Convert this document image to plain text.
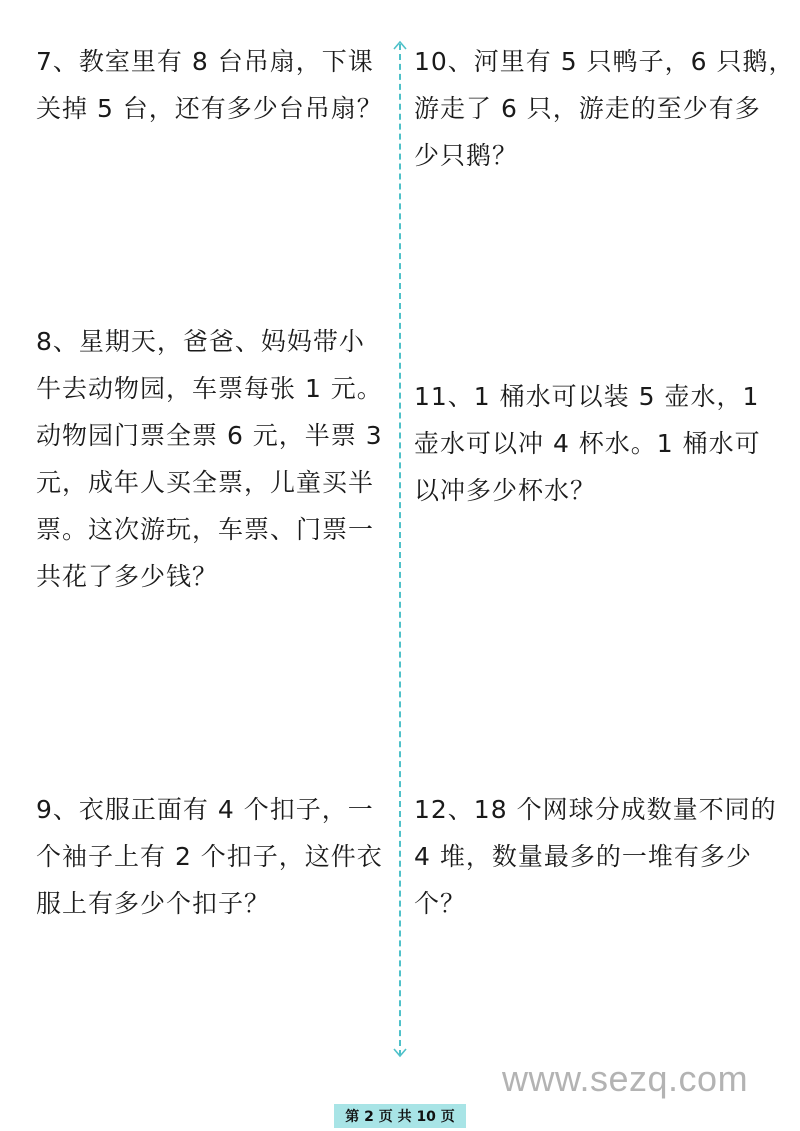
7、教室里有 8 台吊扇，下课
关掉 5 台，还有多少台吊扇？
8、星期天，爸爸、妈妈带小
牛去动物园，车票每张 1 元。
动物园门票全票 6 元，半票 3
元，成年人买全票，儿童买半
票。这次游玩，车票、门票一
共花了多少钱？
9、衣服正面有 4 个扣子，一
个袖子上有 2 个扣子，这件衣
服上有多少个扣子？
10、河里有 5 只鸭子，6 只鹅，
游走了 6 只，游走的至少有多
少只鹅？
11、1 桶水可以装 5 壶水，1
壶水可以冲 4 杯水。1 桶水可
以冲多少杯水？
12、18 个网球分成数量不同的
4 堆，数量最多的一堆有多少
个？
www.sezq.com
第 2 页 共 10 页
